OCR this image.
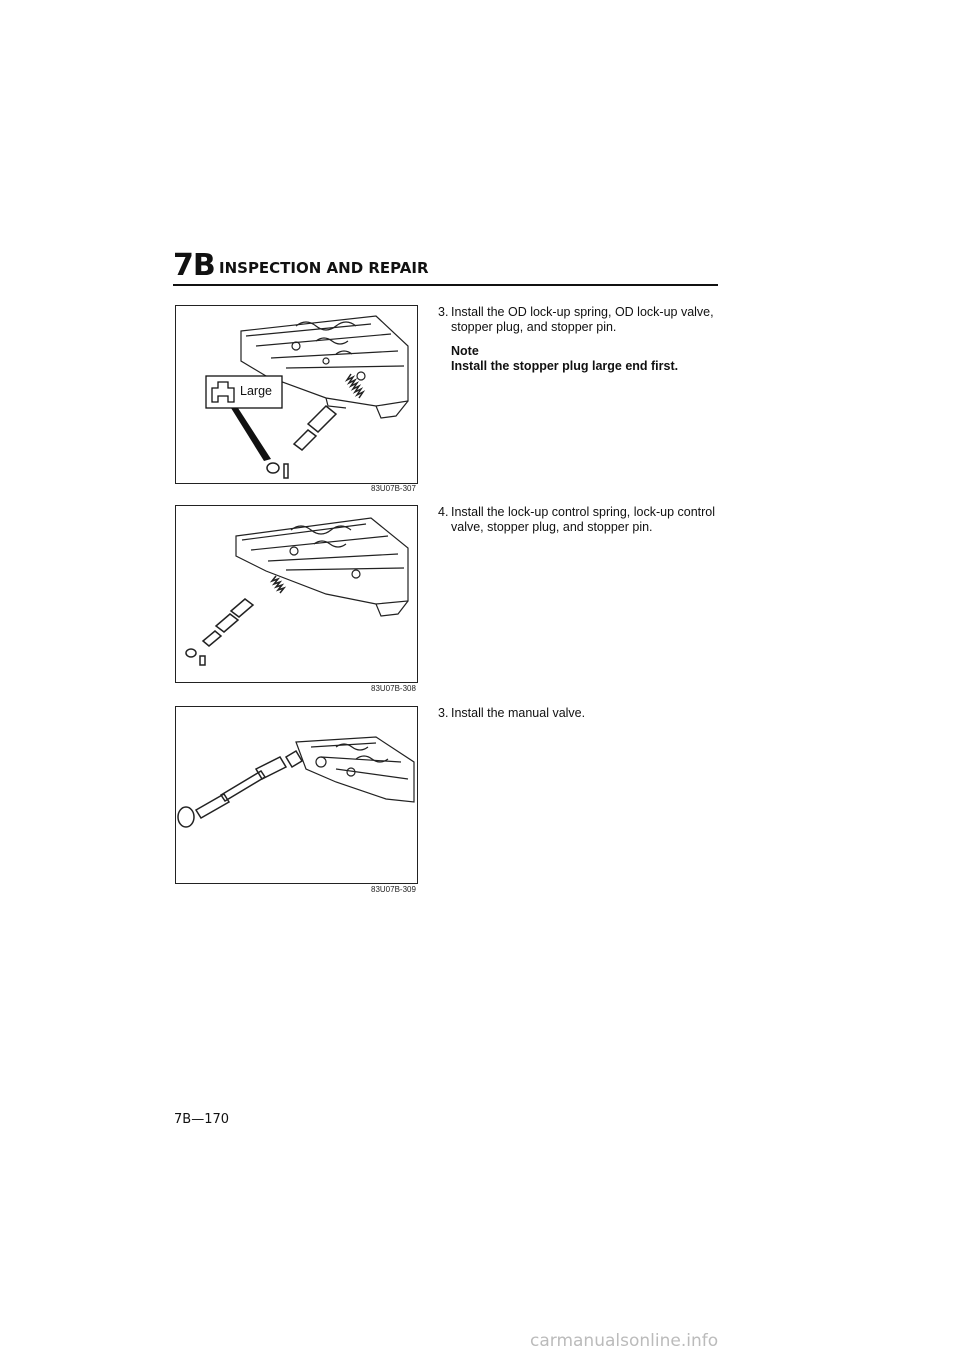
7B INSPECTION AND REPAIR
Large
83U07B-307
83U07B-308
83U07B-309
3. Install the OD lock-up spring, OD lock-up valve, stopper plug, and stopper pin.
Note
Install the stopper plug large end first.
4. Install the lock-up control spring, lock-up control valve, stopper plug, and stopper pin.
3. Install the manual valve.
7B—170
carmanualsonline.info
